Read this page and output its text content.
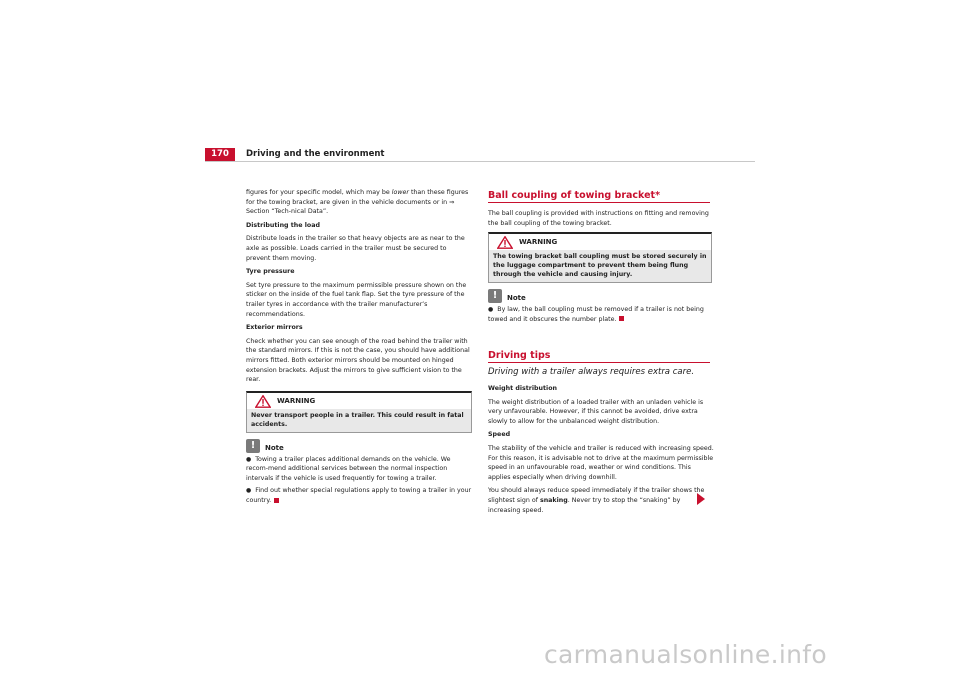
170	Driving and the environment

figures for your specific model, which may be lower than these figures for the towing bracket, are given in the vehicle documents or in ⇒ Section “Tech-nical Data”.

Distributing the load

Distribute loads in the trailer so that heavy objects are as near to the axle as possible. Loads carried in the trailer must be secured to prevent them moving.

Tyre pressure

Set tyre pressure to the maximum permissible pressure shown on the sticker on the inside of the fuel tank flap. Set the tyre pressure of the trailer tyres in accordance with the trailer manufacturer’s recommendations.

Exterior mirrors

Check whether you can see enough of the road behind the trailer with the standard mirrors. If this is not the case, you should have additional mirrors fitted. Both exterior mirrors should be mounted on hinged extension brackets. Adjust the mirrors to give sufficient vision to the rear.

WARNING
Never transport people in a trailer. This could result in fatal accidents.
!	Note
● Towing a trailer places additional demands on the vehicle. We recom-mend additional services between the normal inspection intervals if the vehicle is used frequently for towing a trailer.
● Find out whether special regulations apply to towing a trailer in your country.
Ball coupling of towing bracket*

The ball coupling is provided with instructions on fitting and removing the ball coupling of the towing bracket.

WARNING
The towing bracket ball coupling must be stored securely in the luggage compartment to prevent them being flung through the vehicle and causing injury.
!	Note
● By law, the ball coupling must be removed if a trailer is not being towed and it obscures the number plate.
Driving tips
Driving with a trailer always requires extra care.

Weight distribution

The weight distribution of a loaded trailer with an unladen vehicle is very unfavourable. However, if this cannot be avoided, drive extra slowly to allow for the unbalanced weight distribution.

Speed

The stability of the vehicle and trailer is reduced with increasing speed. For this reason, it is advisable not to drive at the maximum permissible speed in an unfavourable road, weather or wind conditions. This applies especially when driving downhill.

You should always reduce speed immediately if the trailer shows the slightest sign of snaking. Never try to stop the “snaking” by increasing speed.

carmanualsonline.info
